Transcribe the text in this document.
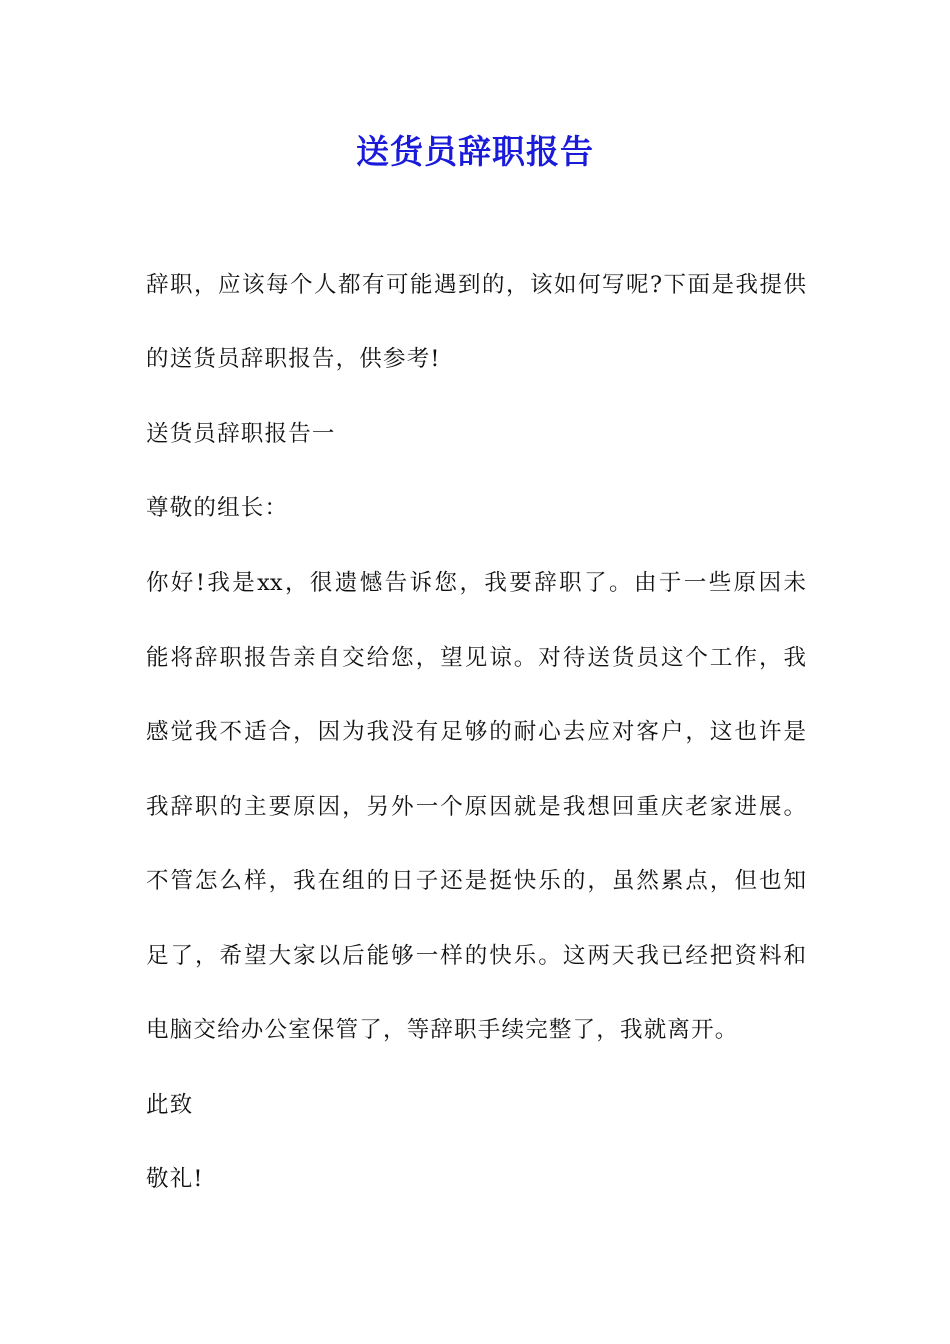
送货员辞职报告
辞职，应该每个人都有可能遇到的，该如何写呢?下面是我提供
的送货员辞职报告，供参考!
送货员辞职报告一
尊敬的组长：
你好!我是xx，很遗憾告诉您，我要辞职了。由于一些原因未
能将辞职报告亲自交给您，望见谅。对待送货员这个工作，我
感觉我不适合，因为我没有足够的耐心去应对客户，这也许是
我辞职的主要原因，另外一个原因就是我想回重庆老家进展。
不管怎么样，我在组的日子还是挺快乐的，虽然累点，但也知
足了，希望大家以后能够一样的快乐。这两天我已经把资料和
电脑交给办公室保管了，等辞职手续完整了，我就离开。
此致
敬礼!
